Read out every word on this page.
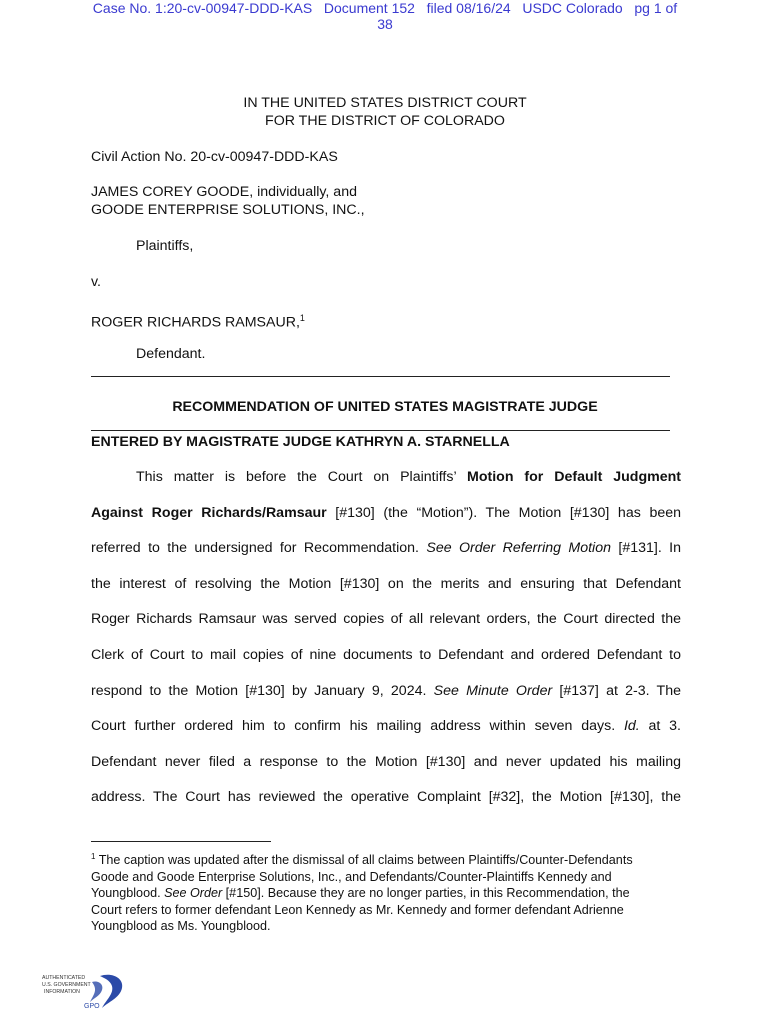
Case No. 1:20-cv-00947-DDD-KAS   Document 152   filed 08/16/24   USDC Colorado   pg 1 of
38
IN THE UNITED STATES DISTRICT COURT
FOR THE DISTRICT OF COLORADO
Civil Action No. 20-cv-00947-DDD-KAS
JAMES COREY GOODE, individually, and
GOODE ENTERPRISE SOLUTIONS, INC.,
Plaintiffs,
v.
ROGER RICHARDS RAMSAUR,$^1$
Defendant.
RECOMMENDATION OF UNITED STATES MAGISTRATE JUDGE
ENTERED BY MAGISTRATE JUDGE KATHRYN A. STARNELLA
This matter is before the Court on Plaintiffs’ Motion for Default Judgment
Against Roger Richards/Ramsaur [#130] (the “Motion”). The Motion [#130] has been
referred to the undersigned for Recommendation. See Order Referring Motion [#131]. In
the interest of resolving the Motion [#130] on the merits and ensuring that Defendant
Roger Richards Ramsaur was served copies of all relevant orders, the Court directed the
Clerk of Court to mail copies of nine documents to Defendant and ordered Defendant to
respond to the Motion [#130] by January 9, 2024. See Minute Order [#137] at 2-3. The
Court further ordered him to confirm his mailing address within seven days. Id. at 3.
Defendant never filed a response to the Motion [#130] and never updated his mailing
address. The Court has reviewed the operative Complaint [#32], the Motion [#130], the
$^1$ The caption was updated after the dismissal of all claims between Plaintiffs/Counter-Defendants
Goode and Goode Enterprise Solutions, Inc., and Defendants/Counter-Plaintiffs Kennedy and
Youngblood. See Order [#150]. Because they are no longer parties, in this Recommendation, the
Court refers to former defendant Leon Kennedy as Mr. Kennedy and former defendant Adrienne
Youngblood as Ms. Youngblood.
AUTHENTICATED
U.S. GOVERNMENT
INFORMATION
GPO
